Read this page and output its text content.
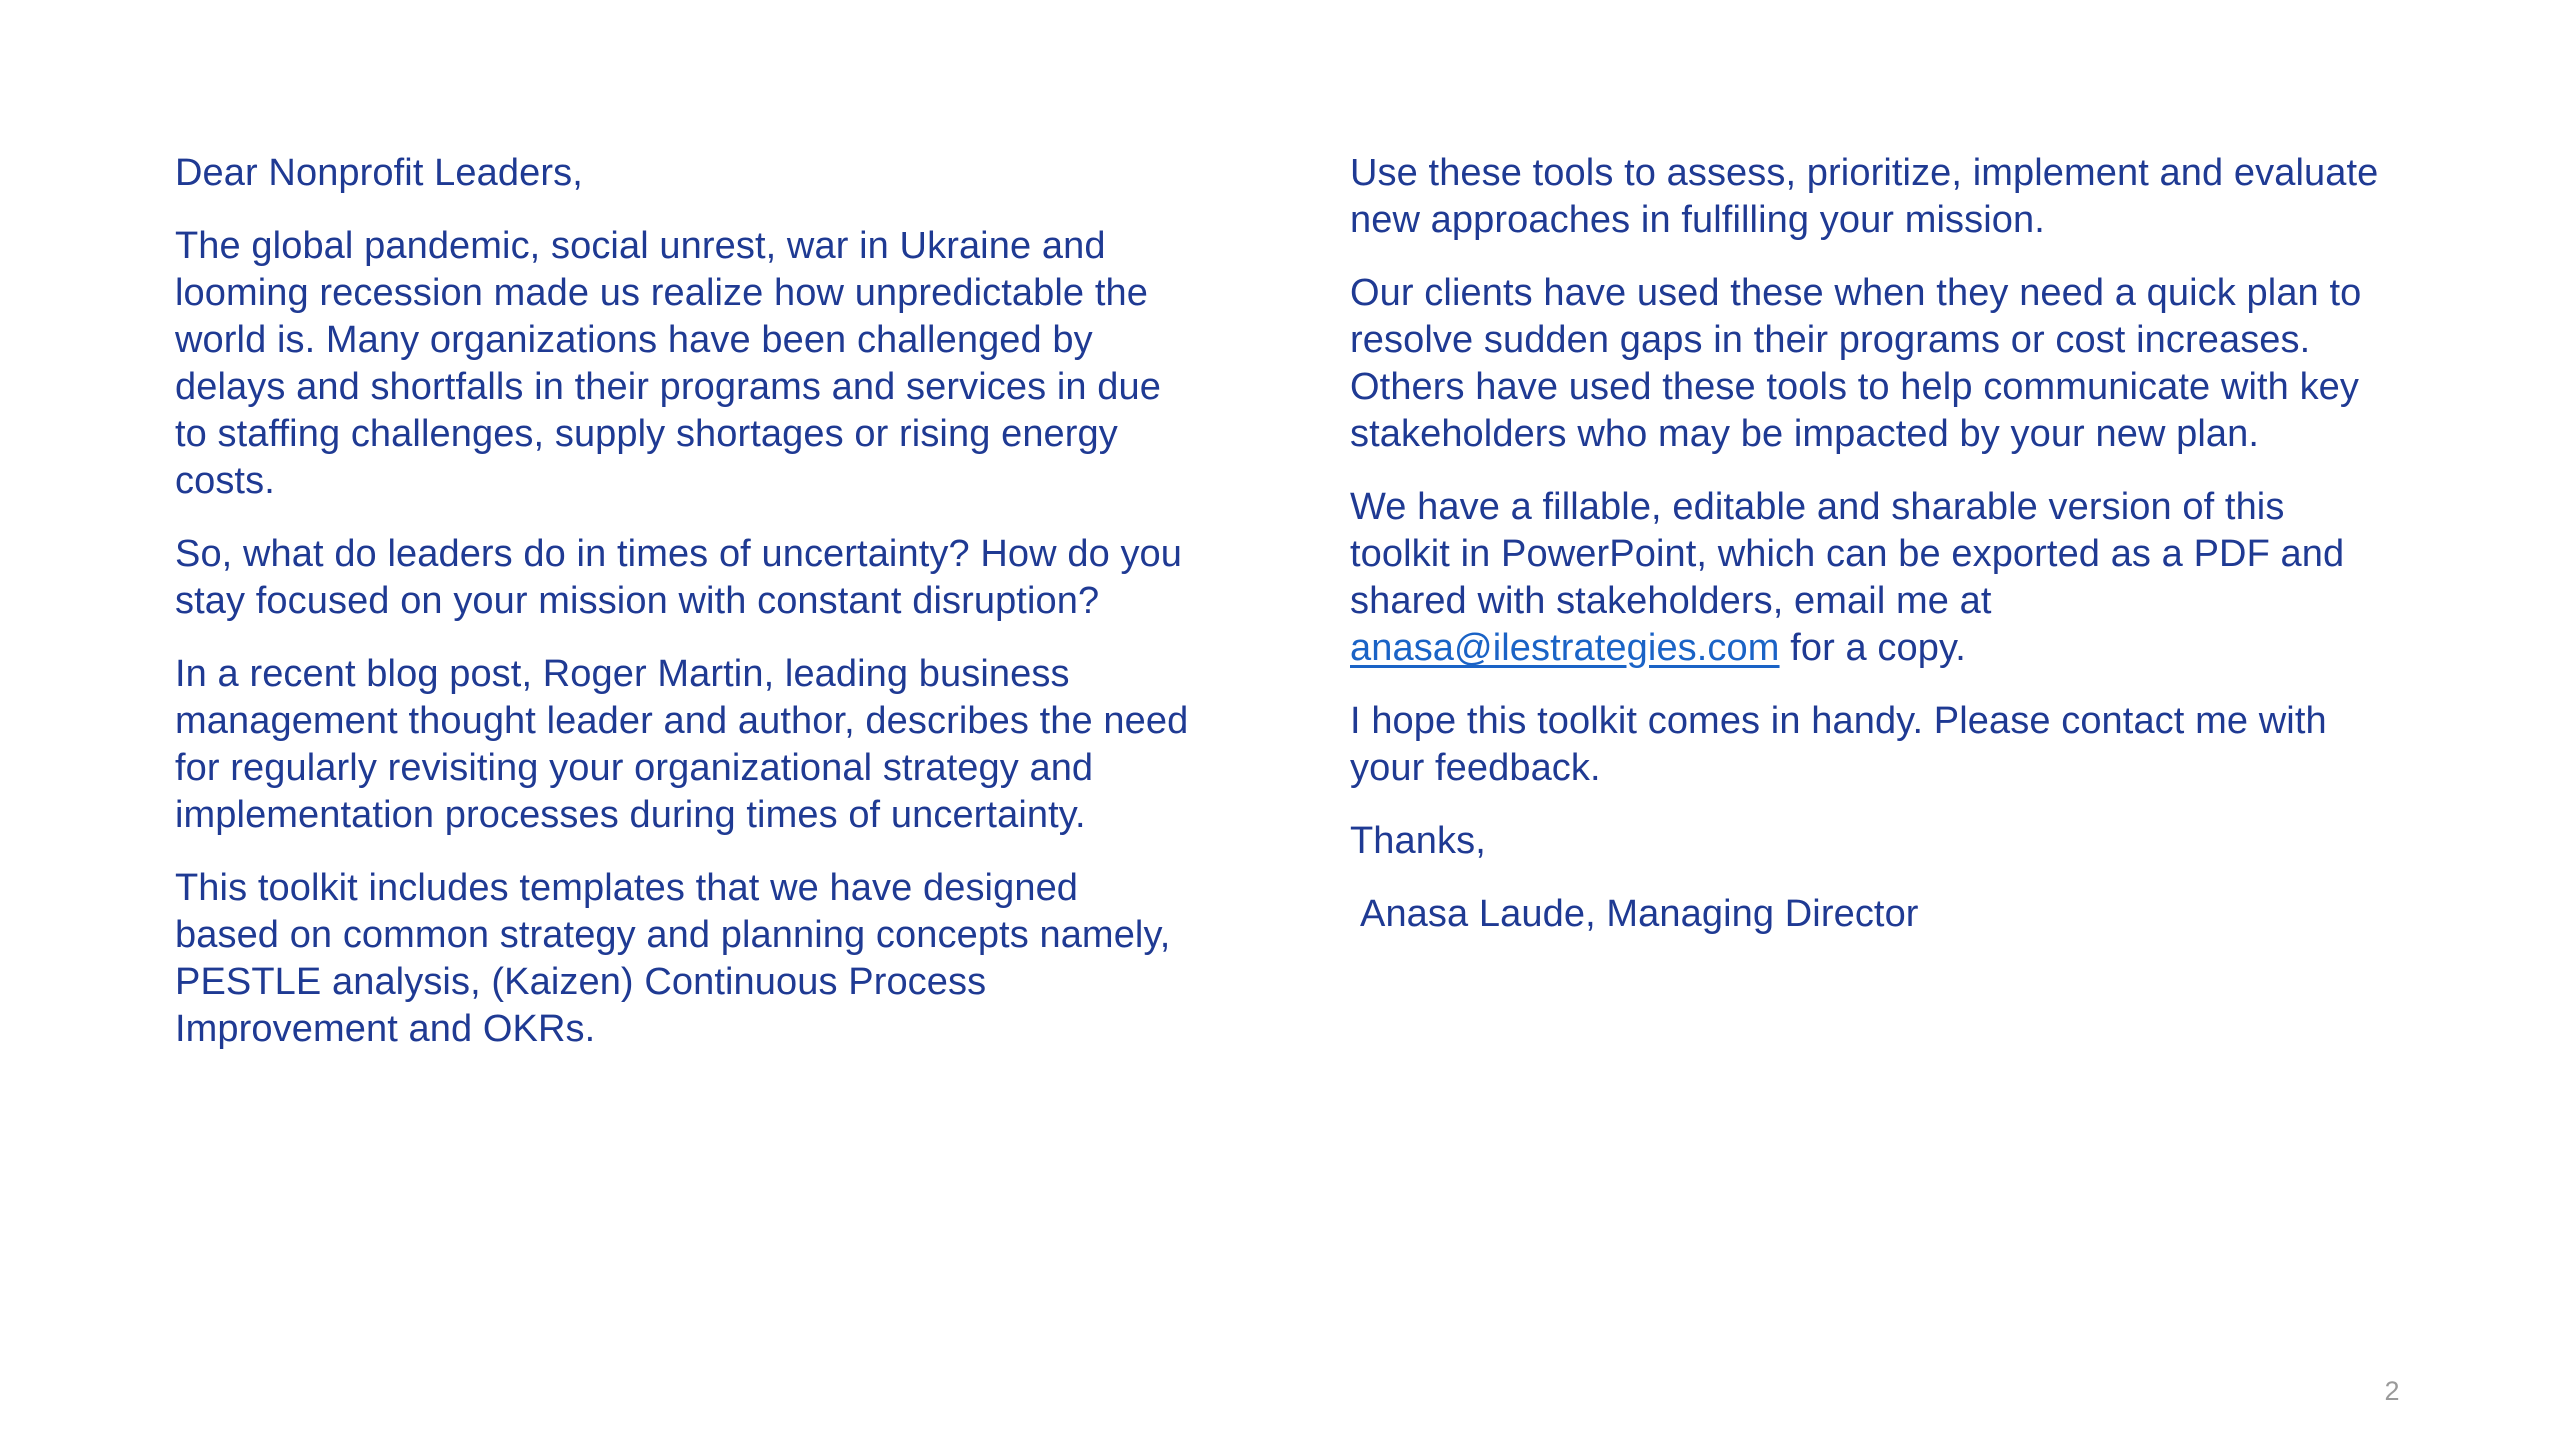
Dear Nonprofit Leaders,

The global pandemic, social unrest, war in Ukraine and looming recession made us realize how unpredictable the world is. Many organizations have been challenged by delays and shortfalls in their programs and services in due to staffing challenges, supply shortages or rising energy costs.

So, what do leaders do in times of uncertainty? How do you stay focused on your mission with constant disruption?

In a recent blog post, Roger Martin, leading business management thought leader and author, describes the need for regularly revisiting your organizational strategy and implementation processes during times of uncertainty.

This toolkit includes templates that we have designed based on common strategy and planning concepts namely, PESTLE analysis, (Kaizen) Continuous Process Improvement and OKRs.

Use these tools to assess, prioritize, implement and evaluate new approaches in fulfilling your mission.

Our clients have used these when they need a quick plan to resolve sudden gaps in their programs or cost increases. Others have used these tools to help communicate with key stakeholders who may be impacted by your new plan.

We have a fillable, editable and sharable version of this toolkit in PowerPoint, which can be exported as a PDF and shared with stakeholders, email me at
anasa@ilestrategies.com for a copy.

I hope this toolkit comes in handy. Please contact me with your feedback.

Thanks,

Anasa Laude, Managing Director

2
